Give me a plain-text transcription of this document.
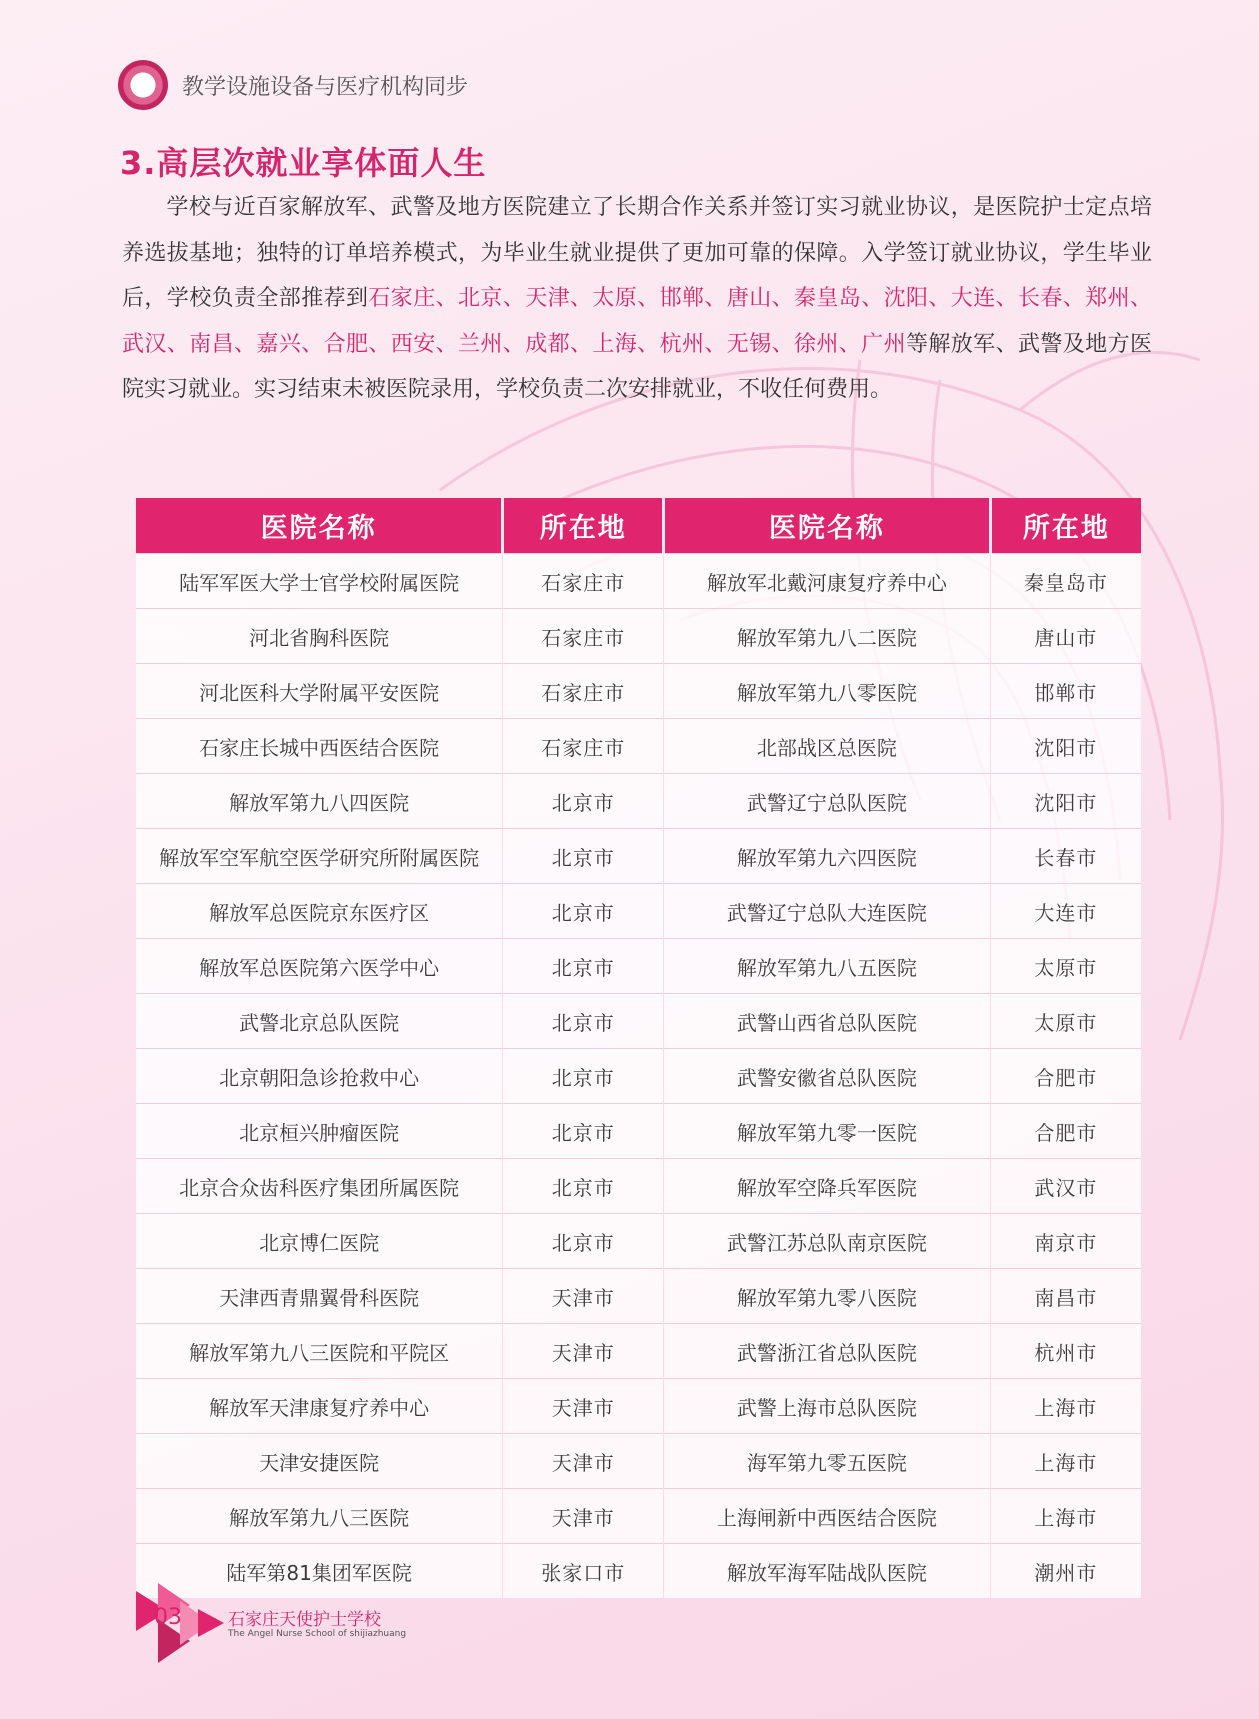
教学设施设备与医疗机构同步
3.高层次就业享体面人生
学校与近百家解放军、武警及地方医院建立了长期合作关系并签订实习就业协议，是医院护士定点培养选拔基地；独特的订单培养模式，为毕业生就业提供了更加可靠的保障。入学签订就业协议，学生毕业后，学校负责全部推荐到石家庄、北京、天津、太原、邯郸、唐山、秦皇岛、沈阳、大连、长春、郑州、武汉、南昌、嘉兴、合肥、西安、兰州、成都、上海、杭州、无锡、徐州、广州等解放军、武警及地方医院实习就业。实习结束未被医院录用，学校负责二次安排就业，不收任何费用。
医院名称	所在地	医院名称	所在地
陆军军医大学士官学校附属医院	石家庄市	解放军北戴河康复疗养中心	秦皇岛市
河北省胸科医院	石家庄市	解放军第九八二医院	唐山市
河北医科大学附属平安医院	石家庄市	解放军第九八零医院	邯郸市
石家庄长城中西医结合医院	石家庄市	北部战区总医院	沈阳市
解放军第九八四医院	北京市	武警辽宁总队医院	沈阳市
解放军空军航空医学研究所附属医院	北京市	解放军第九六四医院	长春市
解放军总医院京东医疗区	北京市	武警辽宁总队大连医院	大连市
解放军总医院第六医学中心	北京市	解放军第九八五医院	太原市
武警北京总队医院	北京市	武警山西省总队医院	太原市
北京朝阳急诊抢救中心	北京市	武警安徽省总队医院	合肥市
北京桓兴肿瘤医院	北京市	解放军第九零一医院	合肥市
北京合众齿科医疗集团所属医院	北京市	解放军空降兵军医院	武汉市
北京博仁医院	北京市	武警江苏总队南京医院	南京市
天津西青鼎翼骨科医院	天津市	解放军第九零八医院	南昌市
解放军第九八三医院和平院区	天津市	武警浙江省总队医院	杭州市
解放军天津康复疗养中心	天津市	武警上海市总队医院	上海市
天津安捷医院	天津市	海军第九零五医院	上海市
解放军第九八三医院	天津市	上海闸新中西医结合医院	上海市
陆军第81集团军医院	张家口市	解放军海军陆战队医院	潮州市
03	石家庄天使护士学校
The Angel Nurse School of shijiazhuang
